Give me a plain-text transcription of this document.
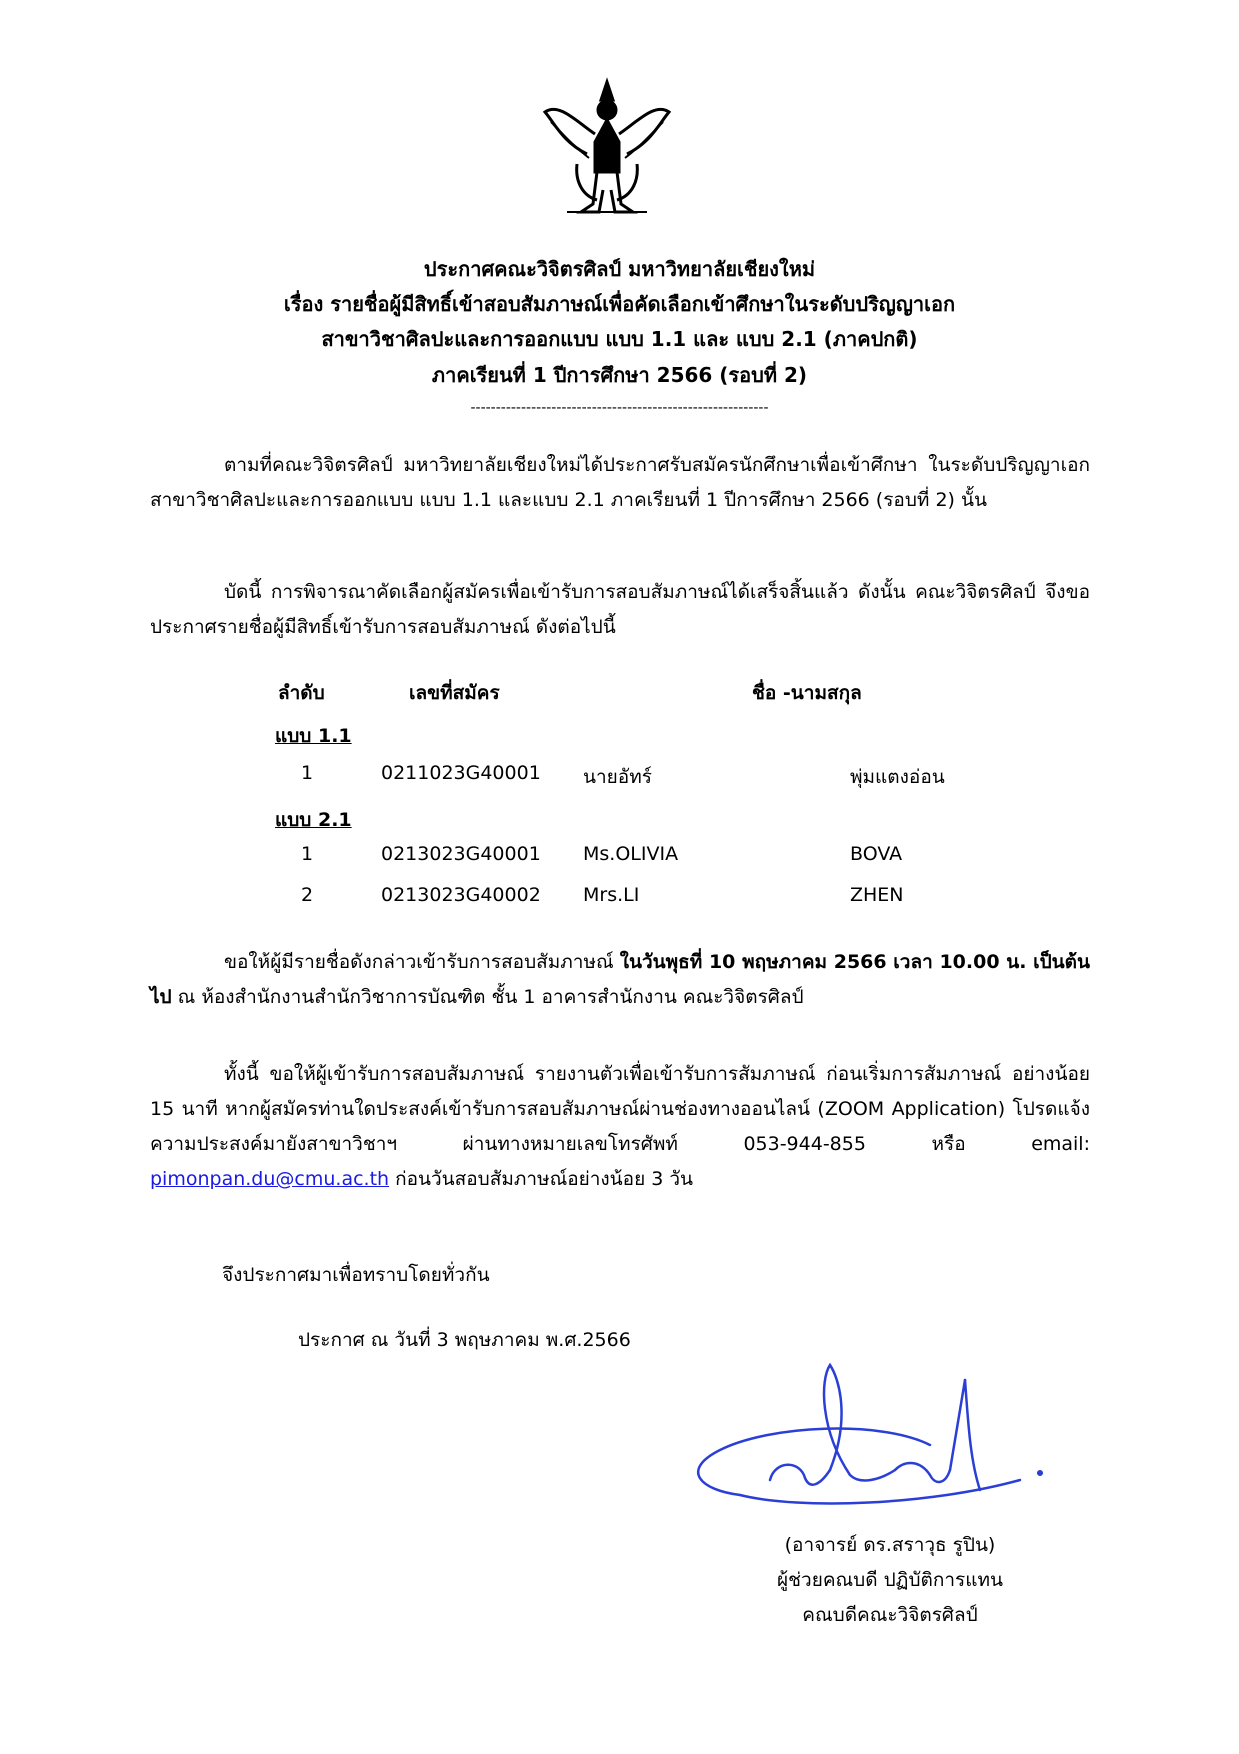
ประกาศคณะวิจิตรศิลป์ มหาวิทยาลัยเชียงใหม่
เรื่อง รายชื่อผู้มีสิทธิ์เข้าสอบสัมภาษณ์เพื่อคัดเลือกเข้าศึกษาในระดับปริญญาเอก
สาขาวิชาศิลปะและการออกแบบ แบบ 1.1 และ แบบ 2.1 (ภาคปกติ)
ภาคเรียนที่ 1 ปีการศึกษา 2566 (รอบที่ 2)
-----------------------------------------------------------
ตามที่คณะวิจิตรศิลป์ มหาวิทยาลัยเชียงใหม่ได้ประกาศรับสมัครนักศึกษาเพื่อเข้าศึกษา ในระดับปริญญาเอก สาขาวิชาศิลปะและการออกแบบ แบบ 1.1 และแบบ 2.1 ภาคเรียนที่ 1 ปีการศึกษา 2566 (รอบที่ 2) นั้น
บัดนี้ การพิจารณาคัดเลือกผู้สมัครเพื่อเข้ารับการสอบสัมภาษณ์ได้เสร็จสิ้นแล้ว ดังนั้น คณะวิจิตรศิลป์ จึงขอประกาศรายชื่อผู้มีสิทธิ์เข้ารับการสอบสัมภาษณ์ ดังต่อไปนี้
ลำดับ	เลขที่สมัคร	ชื่อ -นามสกุล
แบบ 1.1
1	0211023G40001 นายอัทร์	พุ่มแตงอ่อน
แบบ 2.1
1	0213023G40001 Ms.OLIVIA	BOVA
2	0213023G40002 Mrs.LI	ZHEN
ขอให้ผู้มีรายชื่อดังกล่าวเข้ารับการสอบสัมภาษณ์ ในวันพุธที่ 10 พฤษภาคม 2566 เวลา 10.00 น. เป็นต้นไป ณ ห้องสำนักงานสำนักวิชาการบัณฑิต ชั้น 1 อาคารสำนักงาน คณะวิจิตรศิลป์
ทั้งนี้ ขอให้ผู้เข้ารับการสอบสัมภาษณ์ รายงานตัวเพื่อเข้ารับการสัมภาษณ์ ก่อนเริ่มการสัมภาษณ์ อย่างน้อย 15 นาที หากผู้สมัครท่านใดประสงค์เข้ารับการสอบสัมภาษณ์ผ่านช่องทางออนไลน์ (ZOOM Application) โปรดแจ้งความประสงค์มายังสาขาวิชาฯ ผ่านทางหมายเลขโทรศัพท์ 053-944-855 หรือ email: pimonpan.du@cmu.ac.th ก่อนวันสอบสัมภาษณ์อย่างน้อย 3 วัน
จึงประกาศมาเพื่อทราบโดยทั่วกัน
ประกาศ ณ วันที่ 3 พฤษภาคม พ.ศ.2566
(อาจารย์ ดร.สราวุธ รูปิน)
ผู้ช่วยคณบดี ปฏิบัติการแทน
คณบดีคณะวิจิตรศิลป์
